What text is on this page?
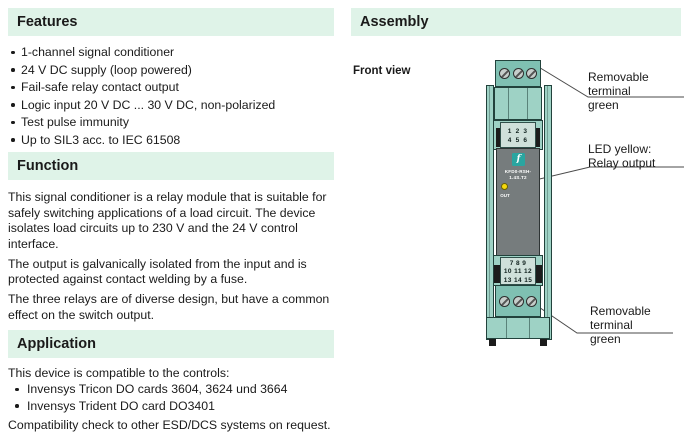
Features
1-channel signal conditioner
24 V DC supply (loop powered)
Fail-safe relay contact output
Logic input 20 V DC ... 30 V DC, non-polarized
Test pulse immunity
Up to SIL3 acc. to IEC 61508
Function

This signal conditioner is a relay module that is suitable for safely switching applications of a load circuit. The device isolates load circuits up to 230 V and the 24 V control interface.

The output is galvanically isolated from the input and is protected against contact welding by a fuse.

The three relays are of diverse design, but have a common effect on the switch output.

Application
This device is compatible to the controls:
Invensys Tricon DO cards 3604, 3624 und 3664
Invensys Trident DO card DO3401
Compatibility check to other ESD/DCS systems on request.
Assembly
Front view
1 2 3
4 5 6
f
KFD0-RSH-1.4S.T2
OUT
7 8 9
10 11 12
13 14 15
Removable terminal
green
LED yellow:
Relay output
Removable terminal
green
